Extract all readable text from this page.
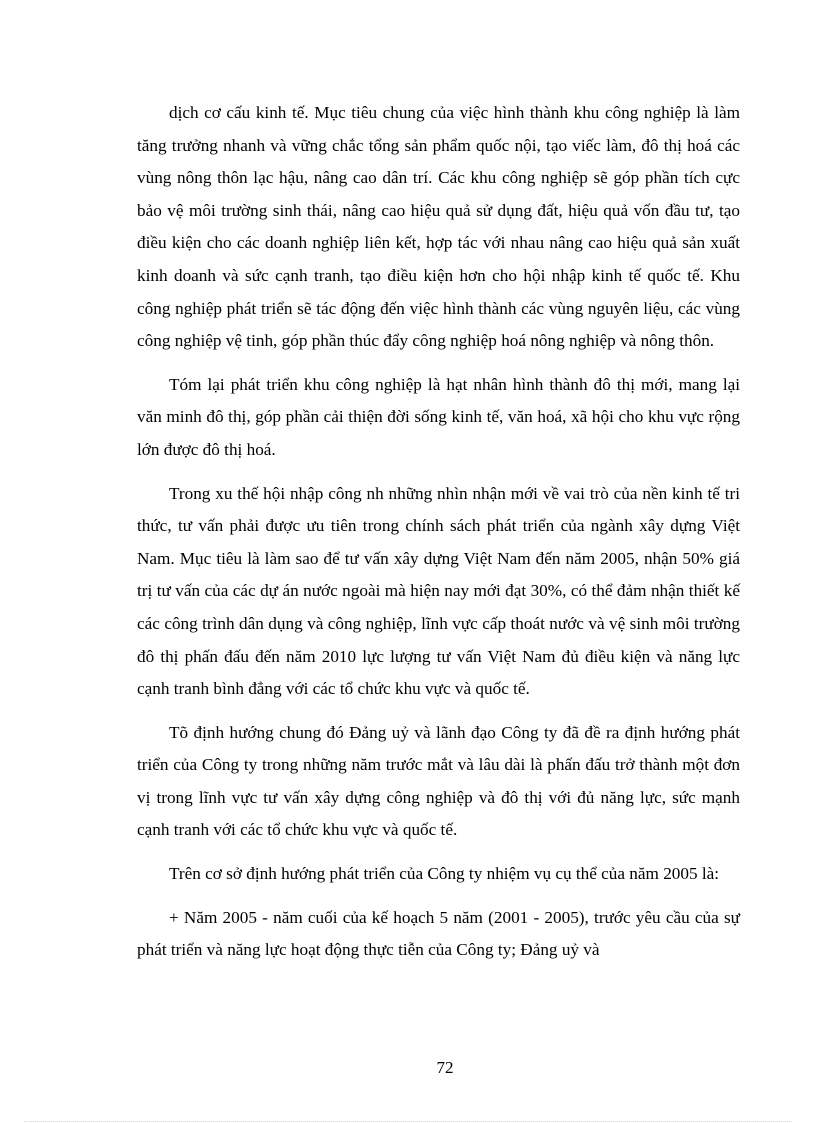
dịch cơ cấu kinh tế. Mục tiêu chung của việc hình thành khu công nghiệp là làm tăng trưởng nhanh và vững chắc tổng sản phẩm quốc nội, tạo viếc làm, đô thị hoá các vùng nông thôn lạc hậu, nâng cao dân trí. Các khu công nghiệp sẽ góp phần tích cực bảo vệ môi trường sinh thái, nâng cao hiệu quả sử dụng đất, hiệu quả vốn đầu tư, tạo điều kiện cho các doanh nghiệp liên kết, hợp tác với nhau nâng cao hiệu quả sản xuất kinh doanh và sức cạnh tranh, tạo điều kiện hơn cho hội nhập kinh tế quốc tế. Khu công nghiệp phát triển sẽ tác động đến việc hình thành các vùng nguyên liệu, các vùng công nghiệp vệ tinh, góp phần thúc đẩy công nghiệp hoá nông nghiệp và nông thôn.

Tóm lại phát triển khu công nghiệp là hạt nhân hình thành đô thị mới, mang lại văn minh đô thị, góp phần cải thiện đời sống kinh tế, văn hoá, xã hội cho khu vực rộng lớn được đô thị hoá.

Trong xu thế hội nhập công nh những nhìn nhận mới về vai trò của nền kinh tế tri thức, tư vấn phải được ưu tiên trong chính sách phát triển của ngành xây dựng Việt Nam. Mục tiêu là làm sao để tư vấn xây dựng Việt Nam đến năm 2005, nhận 50% giá trị tư vấn của các dự án nước ngoài mà hiện nay mới đạt 30%, có thể đảm nhận thiết kế các công trình dân dụng và công nghiệp, lĩnh vực cấp thoát nước và vệ sinh môi trường đô thị phấn đấu đến năm 2010 lực lượng tư vấn Việt Nam đủ điều kiện và năng lực cạnh tranh bình đẳng với các tổ chức khu vực và quốc tế.

Tõ định hướng chung đó Đảng uỷ và lãnh đạo Công ty đã đề ra định hướng phát triển của Công ty trong những năm trước mắt và lâu dài là phấn đấu trở thành một đơn vị trong lĩnh vực tư vấn xây dựng công nghiệp và đô thị với đủ năng lực, sức mạnh cạnh tranh với các tổ chức khu vực và quốc tế.

Trên cơ sở định hướng phát triển của Công ty nhiệm vụ cụ thể của năm 2005 là:

+ Năm 2005 - năm cuối của kế hoạch 5 năm (2001 - 2005), trước yêu cầu của sự phát triển và năng lực hoạt động thực tiễn của Công ty; Đảng uỷ và

72
